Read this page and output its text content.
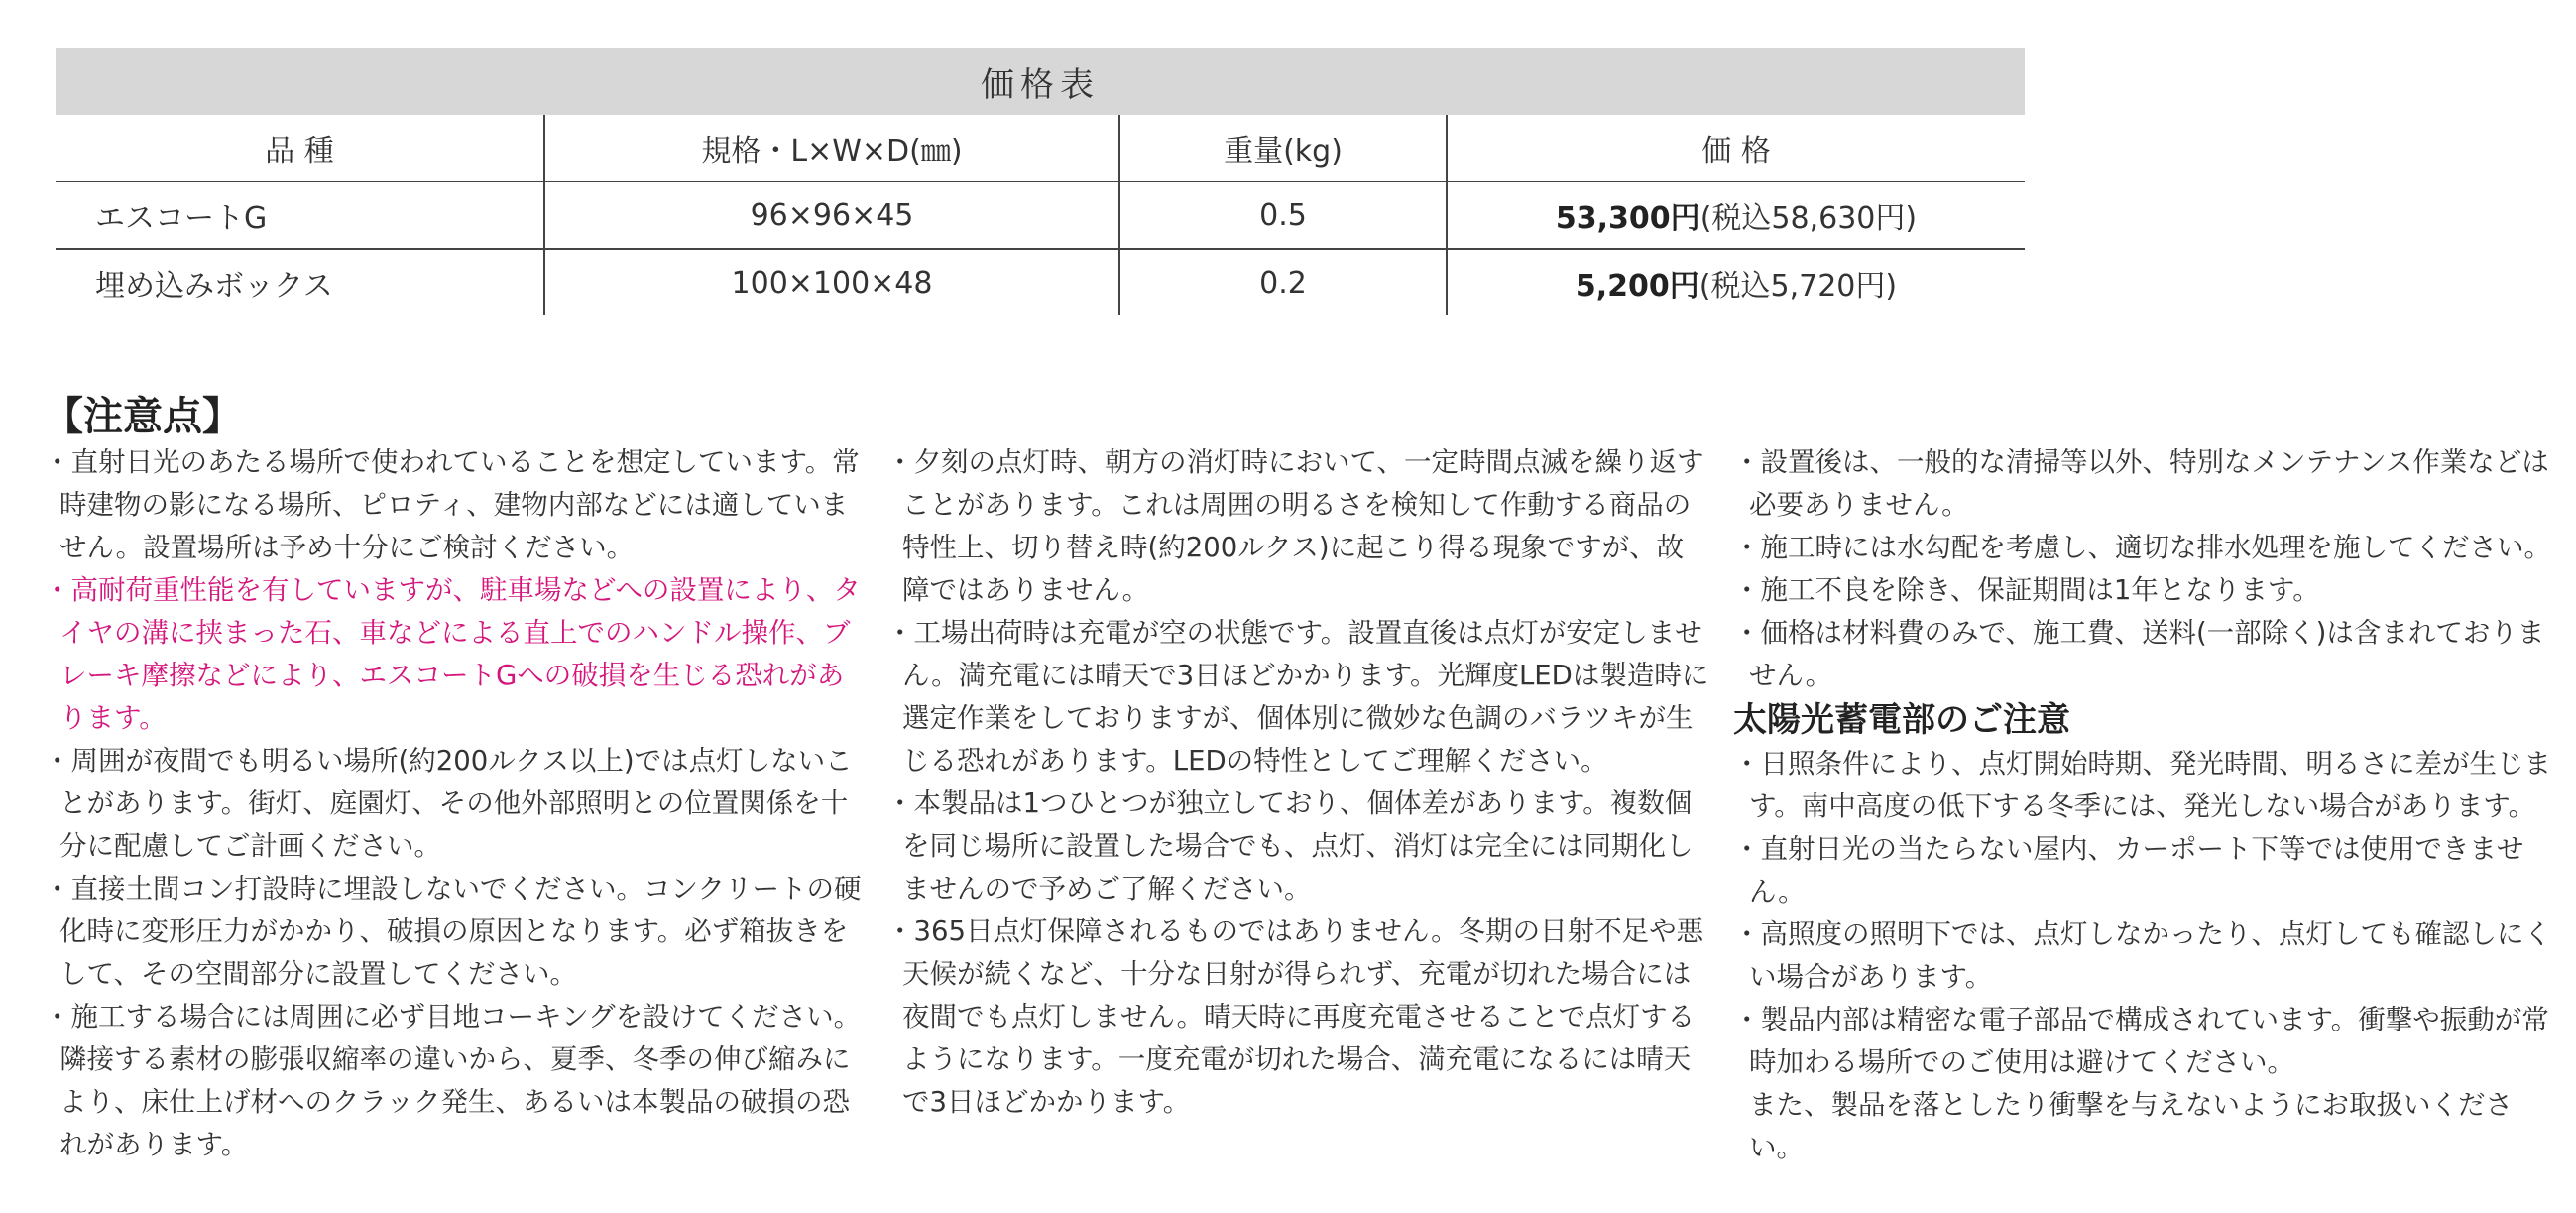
価格表			
品 種	規格・L×W×D(㎜)	重量(kg)	価 格
エスコートG	96×96×45	0.5	53,300円(税込58,630円)
埋め込みボックス	100×100×48	0.2	5,200円(税込5,720円)
【注意点】
・直射日光のあたる場所で使われていることを想定しています。常時建物の影になる場所、ピロティ、建物内部などには適していません。設置場所は予め十分にご検討ください。
・高耐荷重性能を有していますが、駐車場などへの設置により、タイヤの溝に挟まった石、車などによる直上でのハンドル操作、ブレーキ摩擦などにより、エスコートGへの破損を生じる恐れがあります。
・周囲が夜間でも明るい場所(約200ルクス以上)では点灯しないことがあります。街灯、庭園灯、その他外部照明との位置関係を十分に配慮してご計画ください。
・直接土間コン打設時に埋設しないでください。コンクリートの硬化時に変形圧力がかかり、破損の原因となります。必ず箱抜きをして、その空間部分に設置してください。
・施工する場合には周囲に必ず目地コーキングを設けてください。隣接する素材の膨張収縮率の違いから、夏季、冬季の伸び縮みにより、床仕上げ材へのクラック発生、あるいは本製品の破損の恐れがあります。
・夕刻の点灯時、朝方の消灯時において、一定時間点滅を繰り返すことがあります。これは周囲の明るさを検知して作動する商品の特性上、切り替え時(約200ルクス)に起こり得る現象ですが、故障ではありません。
・工場出荷時は充電が空の状態です。設置直後は点灯が安定しません。満充電には晴天で3日ほどかかります。光輝度LEDは製造時に選定作業をしておりますが、個体別に微妙な色調のバラツキが生じる恐れがあります。LEDの特性としてご理解ください。
・本製品は1つひとつが独立しており、個体差があります。複数個を同じ場所に設置した場合でも、点灯、消灯は完全には同期化しませんので予めご了解ください。
・365日点灯保障されるものではありません。冬期の日射不足や悪天候が続くなど、十分な日射が得られず、充電が切れた場合には夜間でも点灯しません。晴天時に再度充電させることで点灯するようになります。一度充電が切れた場合、満充電になるには晴天で3日ほどかかります。
・設置後は、一般的な清掃等以外、特別なメンテナンス作業などは必要ありません。
・施工時には水勾配を考慮し、適切な排水処理を施してください。
・施工不良を除き、保証期間は1年となります。
・価格は材料費のみで、施工費、送料(一部除く)は含まれておりません。
太陽光蓄電部のご注意
・日照条件により、点灯開始時期、発光時間、明るさに差が生じます。南中高度の低下する冬季には、発光しない場合があります。
・直射日光の当たらない屋内、カーポート下等では使用できません。
・高照度の照明下では、点灯しなかったり、点灯しても確認しにくい場合があります。
・製品内部は精密な電子部品で構成されています。衝撃や振動が常時加わる場所でのご使用は避けてください。
また、製品を落としたり衝撃を与えないようにお取扱いください。
